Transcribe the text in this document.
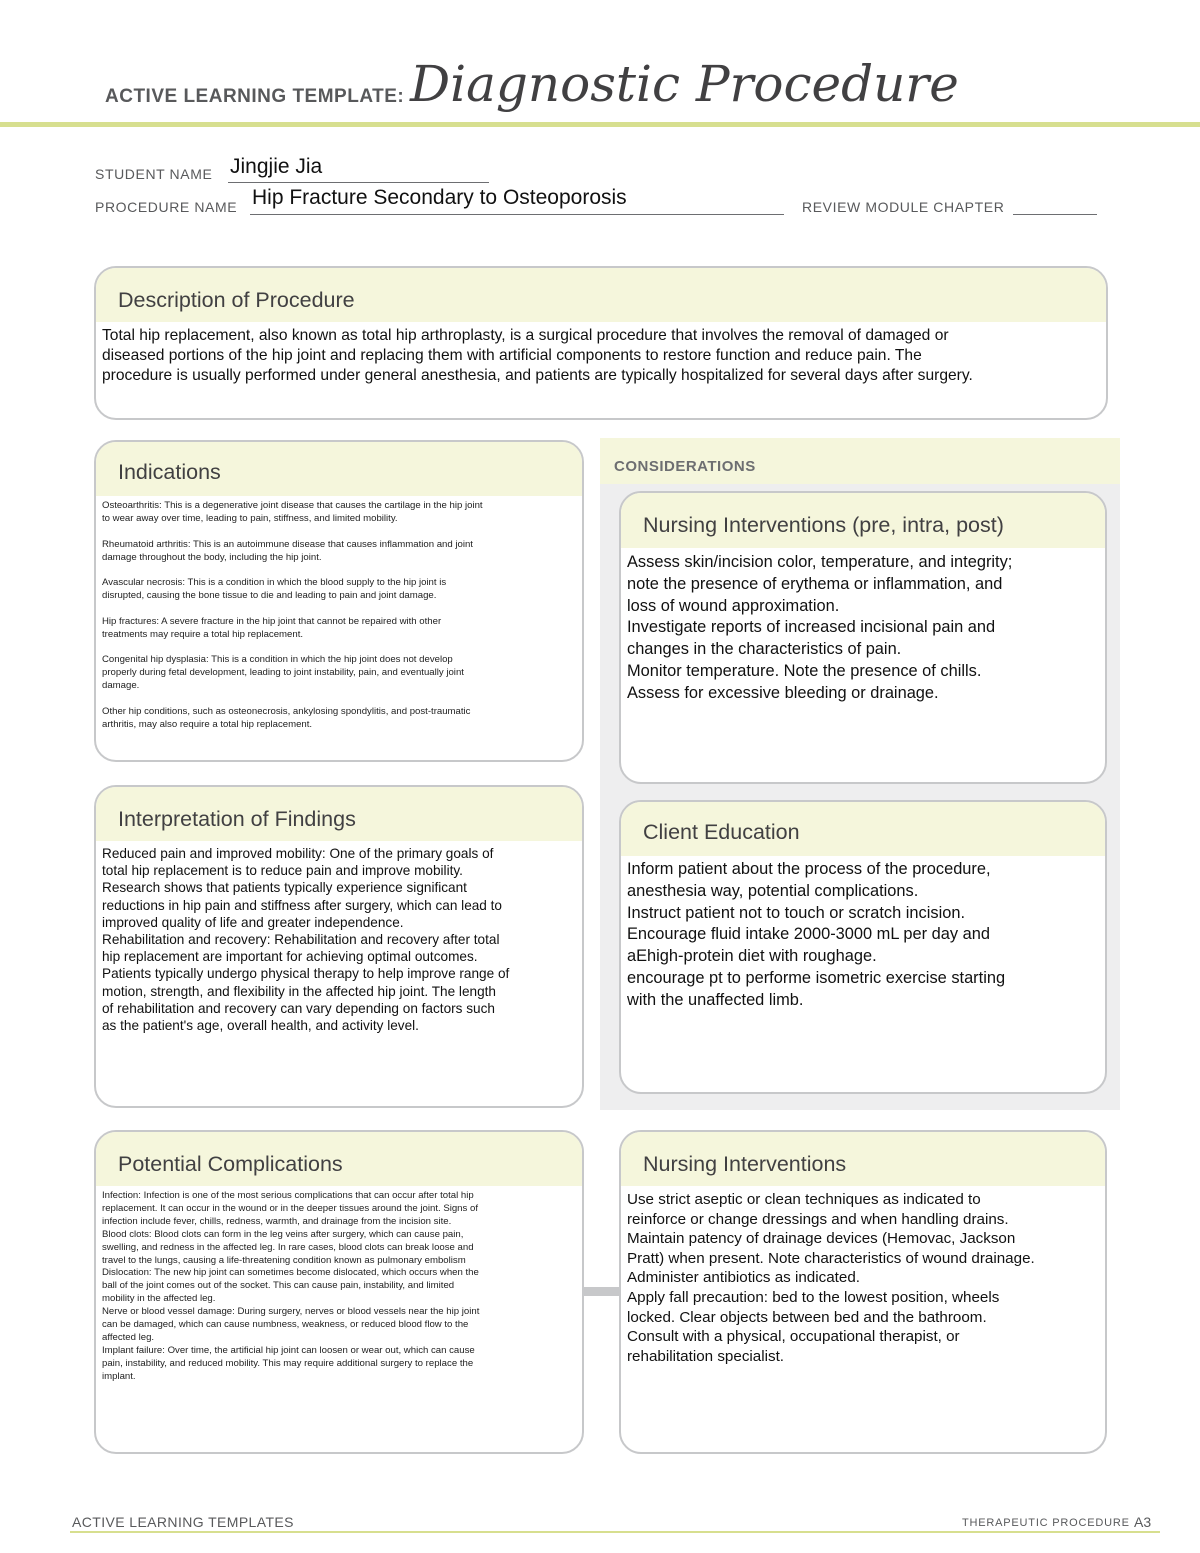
ACTIVE LEARNING TEMPLATE: Diagnostic Procedure
STUDENT NAME Jingjie Jia
PROCEDURE NAME Hip Fracture Secondary to Osteoporosis	REVIEW MODULE CHAPTER
Description of Procedure
Total hip replacement, also known as total hip arthroplasty, is a surgical procedure that involves the removal of damaged or
diseased portions of the hip joint and replacing them with artificial components to restore function and reduce pain. The
procedure is usually performed under general anesthesia, and patients are typically hospitalized for several days after surgery.
CONSIDERATIONS
Indications

Osteoarthritis: This is a degenerative joint disease that causes the cartilage in the hip joint
to wear away over time, leading to pain, stiffness, and limited mobility.

Rheumatoid arthritis: This is an autoimmune disease that causes inflammation and joint
damage throughout the body, including the hip joint.

Avascular necrosis: This is a condition in which the blood supply to the hip joint is
disrupted, causing the bone tissue to die and leading to pain and joint damage.

Hip fractures: A severe fracture in the hip joint that cannot be repaired with other
treatments may require a total hip replacement.

Congenital hip dysplasia: This is a condition in which the hip joint does not develop
properly during fetal development, leading to joint instability, pain, and eventually joint
damage.

Other hip conditions, such as osteonecrosis, ankylosing spondylitis, and post-traumatic
arthritis, may also require a total hip replacement.

Nursing Interventions (pre, intra, post)
Assess skin/incision color, temperature, and integrity;
note the presence of erythema or inflammation, and
loss of wound approximation.
Investigate reports of increased incisional pain and
changes in the characteristics of pain.
Monitor temperature. Note the presence of chills.
Assess for excessive bleeding or drainage.
Interpretation of Findings
Reduced pain and improved mobility: One of the primary goals of
total hip replacement is to reduce pain and improve mobility.
Research shows that patients typically experience significant
reductions in hip pain and stiffness after surgery, which can lead to
improved quality of life and greater independence.
Rehabilitation and recovery: Rehabilitation and recovery after total
hip replacement are important for achieving optimal outcomes.
Patients typically undergo physical therapy to help improve range of
motion, strength, and flexibility in the affected hip joint. The length
of rehabilitation and recovery can vary depending on factors such
as the patient's age, overall health, and activity level.
Client Education
Inform patient about the process of the procedure,
anesthesia way, potential complications.
Instruct patient not to touch or scratch incision.
Encourage fluid intake 2000-3000 mL per day and
aEhigh-protein diet with roughage.
encourage pt to performe isometric exercise starting
with the unaffected limb.
Potential Complications
Infection: Infection is one of the most serious complications that can occur after total hip
replacement. It can occur in the wound or in the deeper tissues around the joint. Signs of
infection include fever, chills, redness, warmth, and drainage from the incision site.
Blood clots: Blood clots can form in the leg veins after surgery, which can cause pain,
swelling, and redness in the affected leg. In rare cases, blood clots can break loose and
travel to the lungs, causing a life-threatening condition known as pulmonary embolism
Dislocation: The new hip joint can sometimes become dislocated, which occurs when the
ball of the joint comes out of the socket. This can cause pain, instability, and limited
mobility in the affected leg.
Nerve or blood vessel damage: During surgery, nerves or blood vessels near the hip joint
can be damaged, which can cause numbness, weakness, or reduced blood flow to the
affected leg.
Implant failure: Over time, the artificial hip joint can loosen or wear out, which can cause
pain, instability, and reduced mobility. This may require additional surgery to replace the
implant.
Nursing Interventions
Use strict aseptic or clean techniques as indicated to
reinforce or change dressings and when handling drains.
Maintain patency of drainage devices (Hemovac, Jackson
Pratt) when present. Note characteristics of wound drainage.
Administer antibiotics as indicated.
Apply fall precaution: bed to the lowest position, wheels
locked. Clear objects between bed and the bathroom.
Consult with a physical, occupational therapist, or
rehabilitation specialist.
ACTIVE LEARNING TEMPLATES	THERAPEUTIC PROCEDURE A3
